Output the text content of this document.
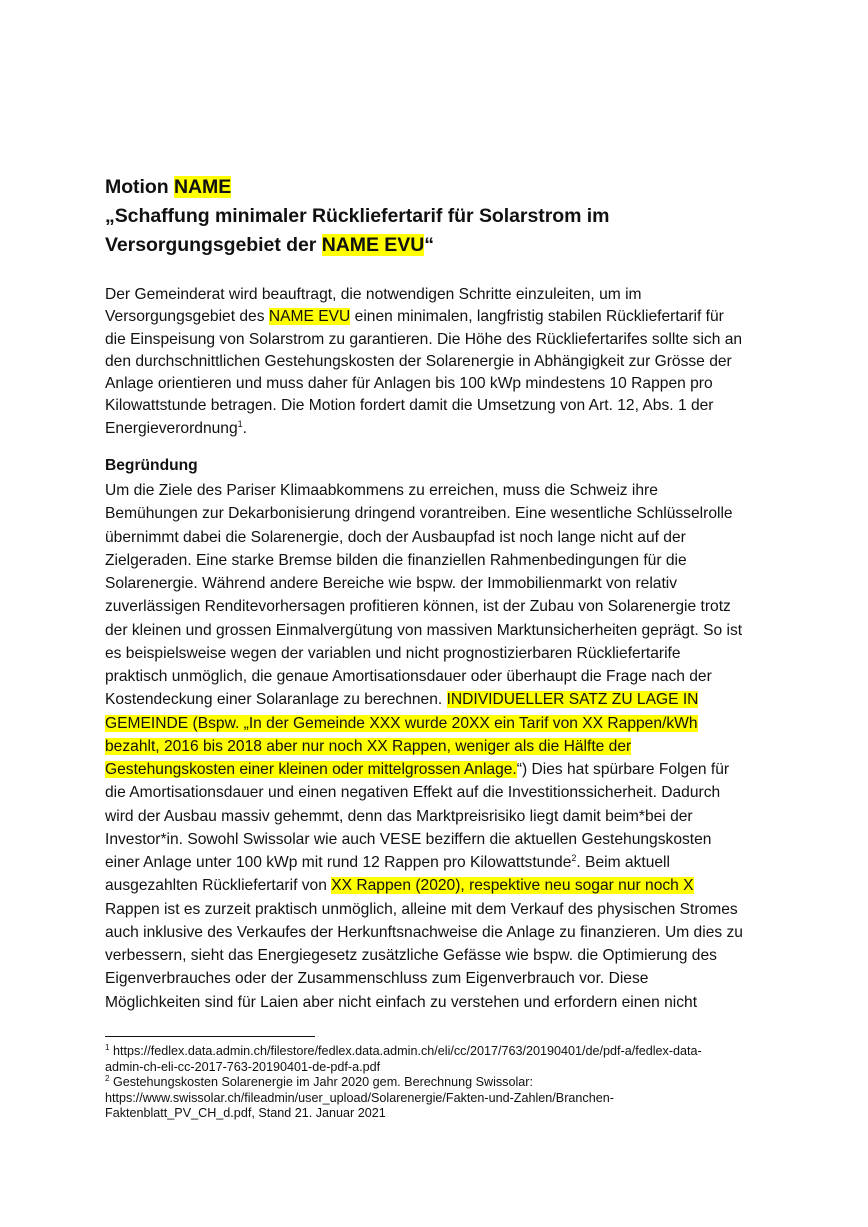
Motion NAME
„Schaffung minimaler Rückliefertarif für Solarstrom im
Versorgungsgebiet der NAME EVU“
Der Gemeinderat wird beauftragt, die notwendigen Schritte einzuleiten, um im
Versorgungsgebiet des NAME EVU einen minimalen, langfristig stabilen Rückliefertarif für
die Einspeisung von Solarstrom zu garantieren. Die Höhe des Rückliefertarifes sollte sich an
den durchschnittlichen Gestehungskosten der Solarenergie in Abhängigkeit zur Grösse der
Anlage orientieren und muss daher für Anlagen bis 100 kWp mindestens 10 Rappen pro
Kilowattstunde betragen. Die Motion fordert damit die Umsetzung von Art. 12, Abs. 1 der
Energieverordnung$^1$.
Begründung
Um die Ziele des Pariser Klimaabkommens zu erreichen, muss die Schweiz ihre
Bemühungen zur Dekarbonisierung dringend vorantreiben. Eine wesentliche Schlüsselrolle
übernimmt dabei die Solarenergie, doch der Ausbaupfad ist noch lange nicht auf der
Zielgeraden. Eine starke Bremse bilden die finanziellen Rahmenbedingungen für die
Solarenergie. Während andere Bereiche wie bspw. der Immobilienmarkt von relativ
zuverlässigen Renditevorhersagen profitieren können, ist der Zubau von Solarenergie trotz
der kleinen und grossen Einmalvergütung von massiven Marktunsicherheiten geprägt. So ist
es beispielsweise wegen der variablen und nicht prognostizierbaren Rückliefertarife
praktisch unmöglich, die genaue Amortisationsdauer oder überhaupt die Frage nach der
Kostendeckung einer Solaranlage zu berechnen. INDIVIDUELLER SATZ ZU LAGE IN
GEMEINDE (Bspw. „In der Gemeinde XXX wurde 20XX ein Tarif von XX Rappen/kWh
bezahlt, 2016 bis 2018 aber nur noch XX Rappen, weniger als die Hälfte der
Gestehungskosten einer kleinen oder mittelgrossen Anlage.“) Dies hat spürbare Folgen für
die Amortisationsdauer und einen negativen Effekt auf die Investitionssicherheit. Dadurch
wird der Ausbau massiv gehemmt, denn das Marktpreisrisiko liegt damit beim*bei der
Investor*in. Sowohl Swissolar wie auch VESE beziffern die aktuellen Gestehungskosten
einer Anlage unter 100 kWp mit rund 12 Rappen pro Kilowattstunde$^2$. Beim aktuell
ausgezahlten Rückliefertarif von XX Rappen (2020), respektive neu sogar nur noch X
Rappen ist es zurzeit praktisch unmöglich, alleine mit dem Verkauf des physischen Stromes
auch inklusive des Verkaufes der Herkunftsnachweise die Anlage zu finanzieren. Um dies zu
verbessern, sieht das Energiegesetz zusätzliche Gefässe wie bspw. die Optimierung des
Eigenverbrauches oder der Zusammenschluss zum Eigenverbrauch vor. Diese
Möglichkeiten sind für Laien aber nicht einfach zu verstehen und erfordern einen nicht
$^1$ https://fedlex.data.admin.ch/filestore/fedlex.data.admin.ch/eli/cc/2017/763/20190401/de/pdf-a/fedlex-data-
admin-ch-eli-cc-2017-763-20190401-de-pdf-a.pdf
$^2$ Gestehungskosten Solarenergie im Jahr 2020 gem. Berechnung Swissolar:
https://www.swissolar.ch/fileadmin/user_upload/Solarenergie/Fakten-und-Zahlen/Branchen-
Faktenblatt_PV_CH_d.pdf, Stand 21. Januar 2021
